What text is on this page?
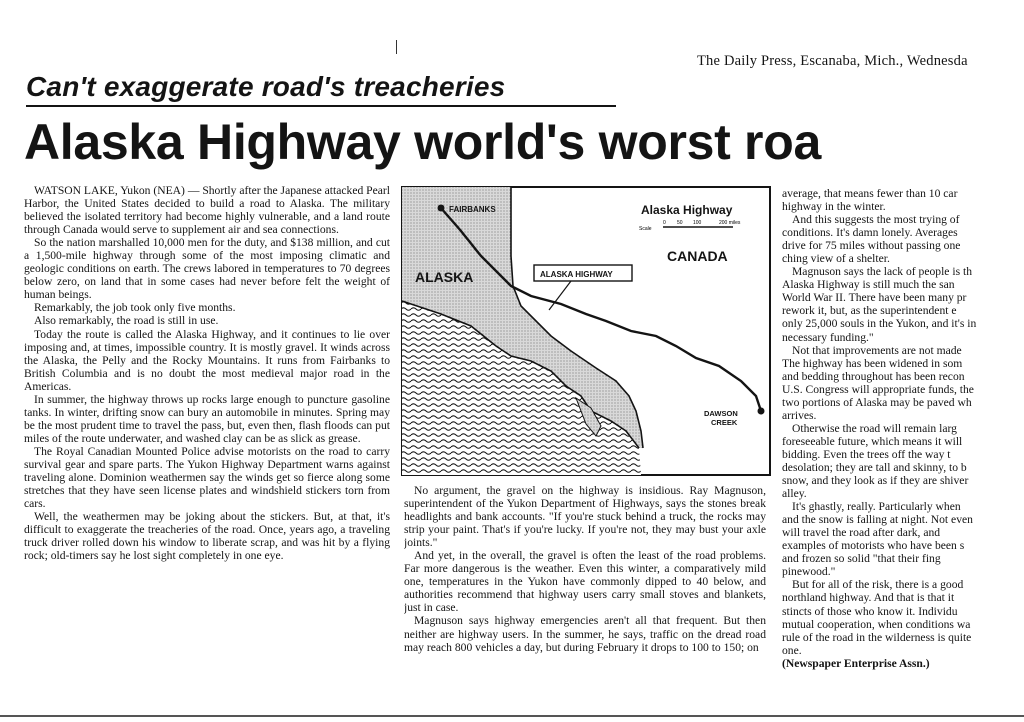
The Daily Press, Escanaba, Mich., Wednesda
Can't exaggerate road's treacheries
Alaska Highway world's worst roa

WATSON LAKE, Yukon (NEA) — Shortly after the Japanese attacked Pearl Harbor, the United States decided to build a road to Alaska. The military believed the isolated territory had become highly vulnerable, and a land route through Canada would serve to supplement air and sea connections.

So the nation marshalled 10,000 men for the duty, and $138 million, and cut a 1,500-mile highway through some of the most imposing climatic and geologic conditions on earth. The crews labored in temperatures to 70 degrees below zero, on land that in some cases had never before felt the weight of human beings.

Remarkably, the job took only five months.

Also remarkably, the road is still in use.

Today the route is called the Alaska Highway, and it continues to lie over imposing and, at times, impossible country. It is mostly gravel. It winds across the Alaska, the Pelly and the Rocky Mountains. It runs from Fairbanks to British Columbia and is no doubt the most medieval major road in the Americas.

In summer, the highway throws up rocks large enough to puncture gasoline tanks. In winter, drifting snow can bury an automobile in minutes. Spring may be the most prudent time to travel the pass, but, even then, flash floods can put miles of the route underwater, and washed clay can be as slick as grease.

The Royal Canadian Mounted Police advise motorists on the road to carry survival gear and spare parts. The Yukon Highway Department warns against traveling alone. Dominion weathermen say the winds get so fierce along some stretches that they have seen license plates and windshield stickers torn from cars.

Well, the weathermen may be joking about the stickers. But, at that, it's difficult to exaggerate the treacheries of the road. Once, years ago, a traveling truck driver rolled down his window to liberate scrap, and was hit by a flying rock; old-timers say he lost sight completely in one eye.

FAIRBANKS
ALASKA
CANADA
Alaska Highway
Scale
0 50 100	200 miles
ALASKA HIGHWAY
DAWSON
CREEK

No argument, the gravel on the highway is insidious. Ray Magnuson, superintendent of the Yukon Department of Highways, says the stones break headlights and bank accounts. "If you're stuck behind a truck, the rocks may strip your paint. That's if you're lucky. If you're not, they may bust your axle joints."

And yet, in the overall, the gravel is often the least of the road problems. Far more dangerous is the weather. Even this winter, a comparatively mild one, temperatures in the Yukon have commonly dipped to 40 below, and authorities recommend that highway users carry small stoves and blankets, just in case.

Magnuson says highway emergencies aren't all that frequent. But then neither are highway users. In the summer, he says, traffic on the dread road may reach 800 vehicles a day, but during February it drops to 100 to 150; on

average, that means fewer than 10 car

highway in the winter.

And this suggests the most trying of

conditions. It's damn lonely. Averages

drive for 75 miles without passing one

ching view of a shelter.

Magnuson says the lack of people is th

Alaska Highway is still much the san

World War II. There have been many pr

rework it, but, as the superintendent e

only 25,000 souls in the Yukon, and it's in

necessary funding."

Not that improvements are not made

The highway has been widened in som

and bedding throughout has been recon

U.S. Congress will appropriate funds, the

two portions of Alaska may be paved wh

arrives.

Otherwise the road will remain larg

foreseeable future, which means it will

bidding. Even the trees off the way t

desolation; they are tall and skinny, to b

snow, and they look as if they are shiver

alley.

It's ghastly, really. Particularly when

and the snow is falling at night. Not even

will travel the road after dark, and

examples of motorists who have been s

and frozen so solid "that their fing

pinewood."

But for all of the risk, there is a good

northland highway. And that is that it

stincts of those who know it. Individu

mutual cooperation, when conditions wa

rule of the road in the wilderness is quite

one.

(Newspaper Enterprise Assn.)
